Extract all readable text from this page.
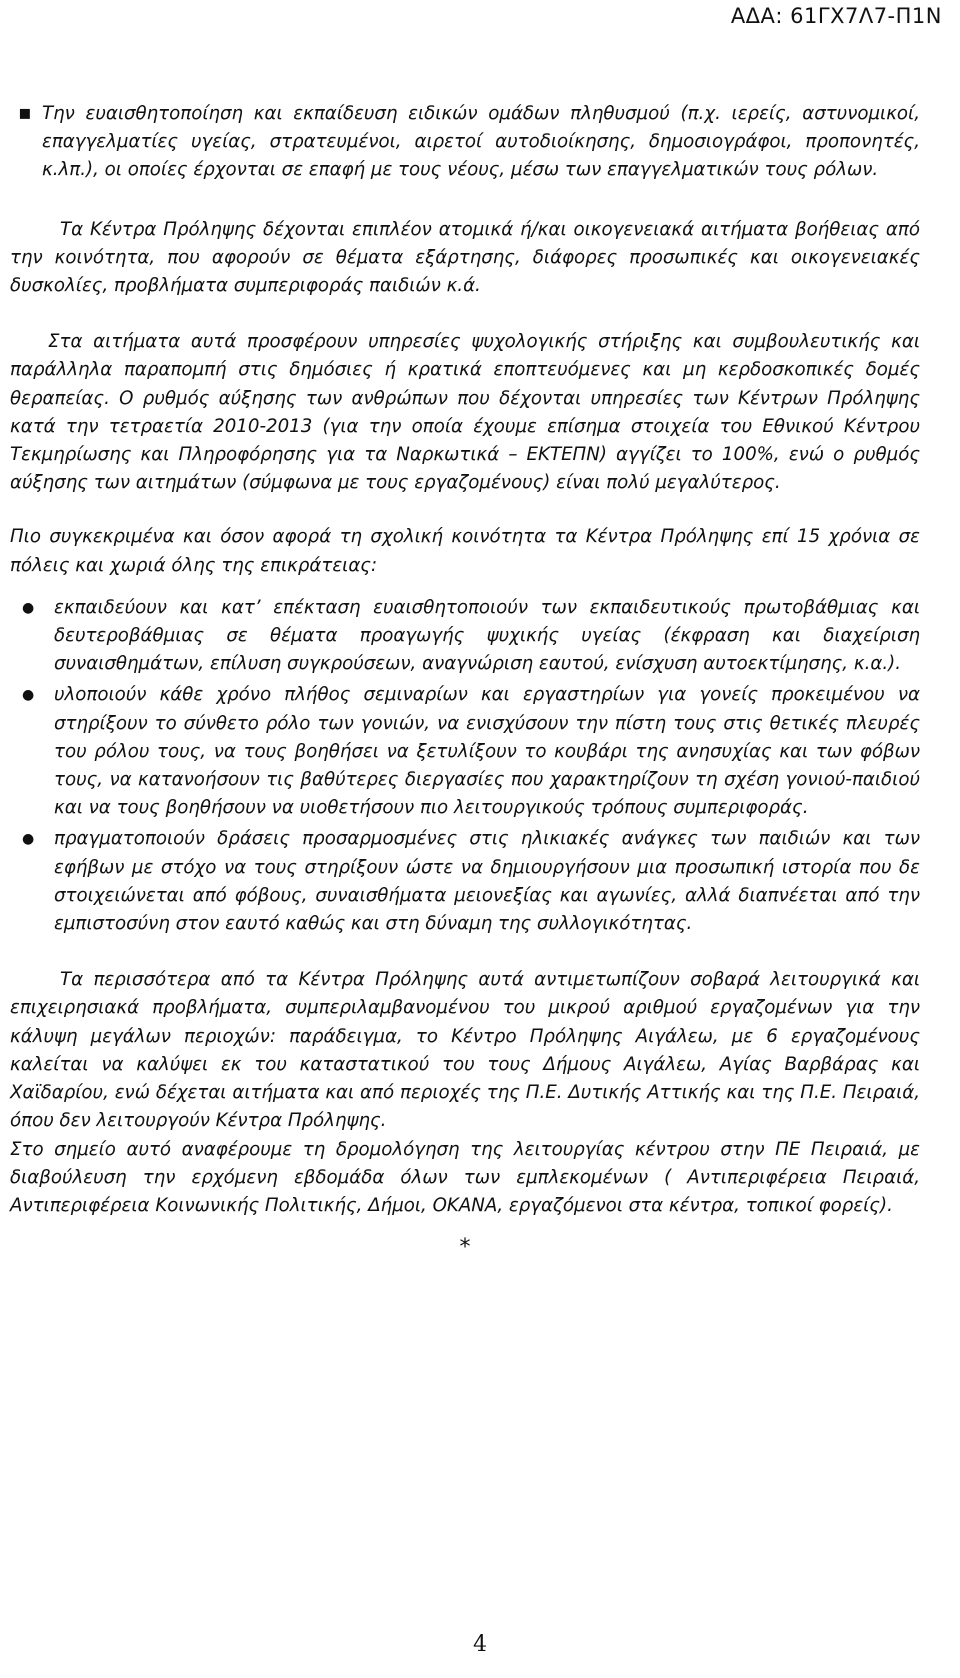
ΑΔΑ: 61ΓΧ7Λ7-Π1Ν
▪ Την ευαισθητοποίηση και εκπαίδευση ειδικών ομάδων πληθυσμού (π.χ. ιερείς, αστυνομικοί, επαγγελματίες υγείας, στρατευμένοι, αιρετοί αυτοδιοίκησης, δημοσιογράφοι, προπονητές, κ.λπ.), οι οποίες έρχονται σε επαφή με τους νέους, μέσω των επαγγελματικών τους ρόλων.

Τα Κέντρα Πρόληψης δέχονται επιπλέον ατομικά ή/και οικογενειακά αιτήματα βοήθειας από την κοινότητα, που αφορούν σε θέματα εξάρτησης, διάφορες προσωπικές και οικογενειακές δυσκολίες, προβλήματα συμπεριφοράς παιδιών κ.ά.

Στα αιτήματα αυτά προσφέρουν υπηρεσίες ψυχολογικής στήριξης και συμβουλευτικής και παράλληλα παραπομπή στις δημόσιες ή κρατικά εποπτευόμενες και μη κερδοσκοπικές δομές θεραπείας. Ο ρυθμός αύξησης των ανθρώπων που δέχονται υπηρεσίες των Κέντρων Πρόληψης κατά την τετραετία 2010-2013 (για την οποία έχουμε επίσημα στοιχεία του Εθνικού Κέντρου Τεκμηρίωσης και Πληροφόρησης για τα Ναρκωτικά – ΕΚΤΕΠΝ) αγγίζει το 100%, ενώ ο ρυθμός αύξησης των αιτημάτων (σύμφωνα με τους εργαζομένους) είναι πολύ μεγαλύτερος.

Πιο συγκεκριμένα και όσον αφορά τη σχολική κοινότητα τα Κέντρα Πρόληψης επί 15 χρόνια σε πόλεις και χωριά όλης της επικράτειας:

● εκπαιδεύουν και κατ’ επέκταση ευαισθητοποιούν των εκπαιδευτικούς πρωτοβάθμιας και δευτεροβάθμιας σε θέματα προαγωγής ψυχικής υγείας (έκφραση και διαχείριση συναισθημάτων, επίλυση συγκρούσεων, αναγνώριση εαυτού, ενίσχυση αυτοεκτίμησης, κ.α.).
● υλοποιούν κάθε χρόνο πλήθος σεμιναρίων και εργαστηρίων για γονείς προκειμένου να στηρίξουν το σύνθετο ρόλο των γονιών, να ενισχύσουν την πίστη τους στις θετικές πλευρές του ρόλου τους, να τους βοηθήσει να ξετυλίξουν το κουβάρι της ανησυχίας και των φόβων τους, να κατανοήσουν τις βαθύτερες διεργασίες που χαρακτηρίζουν τη σχέση γονιού-παιδιού και να τους βοηθήσουν να υιοθετήσουν πιο λειτουργικούς τρόπους συμπεριφοράς.
● πραγματοποιούν δράσεις προσαρμοσμένες στις ηλικιακές ανάγκες των παιδιών και των εφήβων με στόχο να τους στηρίξουν ώστε να δημιουργήσουν μια προσωπική ιστορία που δε στοιχειώνεται από φόβους, συναισθήματα μειονεξίας και αγωνίες, αλλά διαπνέεται από την εμπιστοσύνη στον εαυτό καθώς και στη δύναμη της συλλογικότητας.

Τα περισσότερα από τα Κέντρα Πρόληψης αυτά αντιμετωπίζουν σοβαρά λειτουργικά και επιχειρησιακά προβλήματα, συμπεριλαμβανομένου του μικρού αριθμού εργαζομένων για την κάλυψη μεγάλων περιοχών: παράδειγμα, το Κέντρο Πρόληψης Αιγάλεω, με 6 εργαζομένους καλείται να καλύψει εκ του καταστατικού του τους Δήμους Αιγάλεω, Αγίας Βαρβάρας και Χαϊδαρίου, ενώ δέχεται αιτήματα και από περιοχές της Π.Ε. Δυτικής Αττικής και της Π.Ε. Πειραιά, όπου δεν λειτουργούν Κέντρα Πρόληψης.

Στο σημείο αυτό αναφέρουμε τη δρομολόγηση της λειτουργίας κέντρου στην ΠΕ Πειραιά, με διαβούλευση την ερχόμενη εβδομάδα όλων των εμπλεκομένων ( Αντιπεριφέρεια Πειραιά, Αντιπεριφέρεια Κοινωνικής Πολιτικής, Δήμοι, ΟΚΑΝΑ, εργαζόμενοι στα κέντρα, τοπικοί φορείς).

*
4
